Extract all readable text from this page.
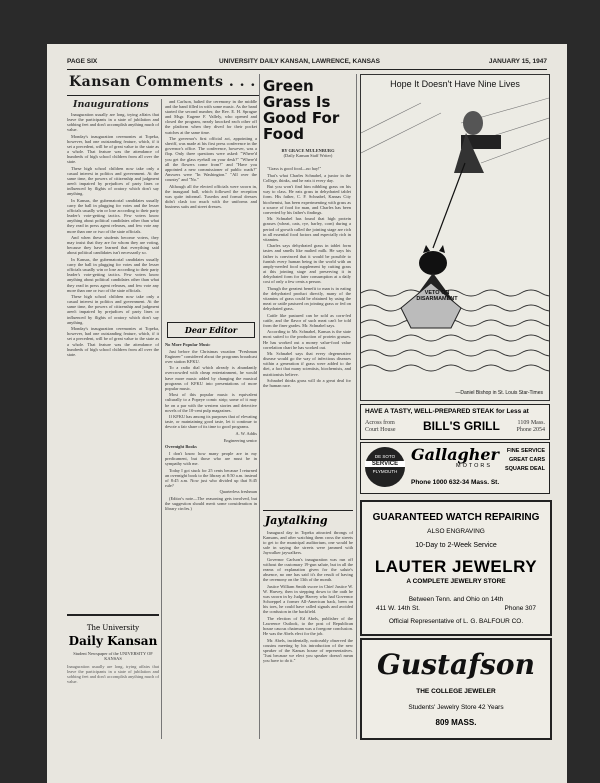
PAGE SIX	UNIVERSITY DAILY KANSAN, LAWRENCE, KANSAS	JANUARY 15, 1947
Kansan Comments . . .
Inaugurations

Inauguration usually are long, trying affairs that leave the participants in a state of jubilation and sobbing feet and don't accomplish anything much of value.

Monday's inauguration ceremonies at Topeka, however, had one outstanding feature, which, if it set a precedent, will be of great value to the state as a whole. That feature was the attendance of hundreds of high school children from all over the state.

These high school children now take only a casual interest in politics and government. At the same time, the powers of citizenship and judgment aren't impaired by prejudices of party lines or influenced by flights of oratory which don't say anything.

In Kansas, the gubernatorial candidates usually carry the ball in plugging for votes and the lesser officials usually win or lose according to their party leader's vote-getting tactics. Few voters know anything about political candidates other than what they read in press agent releases, and few vote any more than one or two of the state officials.

And when these students become voters, they may insist that they are for whom they are voting, because they have learned that everything said about political candidates isn't necessarily so.

In Kansas, the gubernatorial candidates usually carry the ball in plugging for votes and the lesser officials usually win or lose according to their party leader's vote-getting tactics. Few voters know anything about political candidates other than what they read in press agent releases, and few vote any more than one or two of the state officials.

These high school children now take only a casual interest in politics and government. At the same time, the powers of citizenship and judgment aren't impaired by prejudices of party lines or influenced by flights of oratory which don't say anything.

Monday's inauguration ceremonies at Topeka, however, had one outstanding feature, which, if it set a precedent, will be of great value to the state as a whole. That feature was the attendance of hundreds of high school children from all over the state.

The University
Daily Kansan
Student Newspaper of the UNIVERSITY OF KANSAS
Inauguration usually are long, trying affairs that leave the participants in a state of jubilation and sobbing feet and don't accomplish anything much of value.

and Carlson, halted the ceremony in the middle and the band filled in with some music. As the band started the second number, the Rev. E. H. Sprague and Msgr. Eugene F. Vallely, who opened and closed the program, nearly knocked each other off the platform when they dived for their pocket watches at the same time.

The governor's first official act, appointing a sheriff, was made at his first press conference in the governor's office. The conference, however, was a flop. Only three questions were asked: "Where'd you get the glass eyeball on your desk?" "Where'd all the flowers come from?" and "Have you appointed a new commissioner of public roads?" Answers were "In Washington." "All over the country" and "No."

Although all the elected officials were sworn in, the inaugural ball, which followed the reception was quite informal. Tuxedos and formal dresses didn't clash too much with the uniforms and business suits and street dresses.

Dear Editor

No More Popular Music

Just before the Christmas vacation "Freshman Engineer" considered about the programs broadcast over station KFKU.

To a radio dial which already is abundantly overcrowded with cheap entertainment, he would have more music added by changing the musical programs of KFKU into presentations of more popular music.

Most of this popular music is equivalent culturally to a Popeye comic strip; some of it may be on a par with the western stories and detective novels of the 10-cent pulp magazines.

If KFKU has among its purposes that of elevating taste, or maintaining good taste, let it continue to devote a fair share of its time to good programs.

A. W. Addis

Engineering senior

Overnight Books

I don't know how many people are in my predicament, but those who are must be in sympathy with me.

Today I got stuck for 25 cents because I returned an overnight book to the library at 8:50 a.m. instead of 8:45 a.m. Now just who divided up that 8:45 rule?

Quarterless freshman

(Editor's note—The reasoning gets involved, but the suggestion should merit some consideration in library circles.)

Green Grass Is Good For Food
BY GRACE MULENBURG
(Daily Kansan Staff Writer)

"Grass is good food—no hay!"

That's what Charles Schnabel, a junior in the College, thinks, and he eats it every day.

But you won't find him nibbling grass on his way to class. He eats grass in dehydrated tablet form. His father, C. F. Schnabel, Kansas City biochemist, has been experimenting with grass as a source of food for man, and Charles has been converted by his father's findings.

Mr. Schnabel has found that high protein grasses (wheat, oats, rye, barley, corn) during a period of growth called the jointing stage are rich in all essential food factors and especially rich in vitamins.

Charles says dehydrated grass in tablet form tastes and smells like malted milk. He says his father is convinced that it would be possible to furnish every human being in the world with an amply-needed food supplement by cutting grass at this jointing stage and preserving it in dehydrated form for later consumption at a daily cost of only a few cents a person.

Though the greatest benefit to man is in eating the dehydrated product directly, many of the vitamins of grass could be obtained by using the meat or cattle pastured on jointing grass or fed on dehydrated grass.

Cattle like pastured can be sold as corn-fed cattle, and the flavor of such meat can't be told from the finer grades. Mr. Schnabel says.

According to Mr. Schnabel, Kansas is the state most suited to the production of protein grasses. He has worked out a money value-food value correlation chart he has worked out.

Mr. Schnabel says that every degenerative disease would go the way of infectious diseases within a generation if grass were added to the diet, a fact that many scientists, biochemists, and nutritionists believe.

Schnabel thinks grass will do a great deal for the human race.

Jaytalking

Inaugural day in Topeka attracted throngs of Kansans, and after watching them cross the streets to get to the municipal auditorium, one would be safe in saying the streets were jammed with Jaywalker jaywalkers.

Governor Carlson's inauguration was run off without the customary 19-gun salute, but in all the reams of explanation given for the salute's absence, no one has said it's the result of having the ceremony on the 13th of the month.

Justice William Smith swore in Chief Justice W. W. Harvey, then in stepping down to the oath he was sworn in by Judge Harvey who had Governor Schoeppel a former All-American back, been on his toes, he could have called signals and avoided the confusion in the backfield.

The election of Ed Abels, publisher of the Lawrence Outlook, to the post of Republican house caucus chairman was a foregone conclusion. He was the Abels elect for the job.

Mr. Abels, incidentally, noticeably observed the cousins meeting by his introduction of the new speaker of the Kansas house of representatives. "Just because we elect you speaker doesn't mean you have to do it."

Hope It Doesn't Have Nine Lives
VETO ON DISARMAMENT
—Daniel Bishop in St. Louis Star-Times
HAVE A TASTY, WELL-PREPARED STEAK for Less at
Across from
Court House BILL'S GRILL	1109 Mass.
Phone 2054
DE SOTO
SERVICE
PLYMOUTH
Gallagher
MOTORS
FINE SERVICE
GREAT CARS
SQUARE DEAL
Phone 1000 632-34 Mass. St.
GUARANTEED WATCH REPAIRING
ALSO ENGRAVING
10-Day to 2-Week Service
LAUTER JEWELRY
A COMPLETE JEWELRY STORE
Between Tenn. and Ohio on 14th
411 W. 14th St.	Phone 307
Official Representative of L. G. BALFOUR CO.
Gustafson
THE COLLEGE JEWELER
Students' Jewelry Store 42 Years
809 MASS.
